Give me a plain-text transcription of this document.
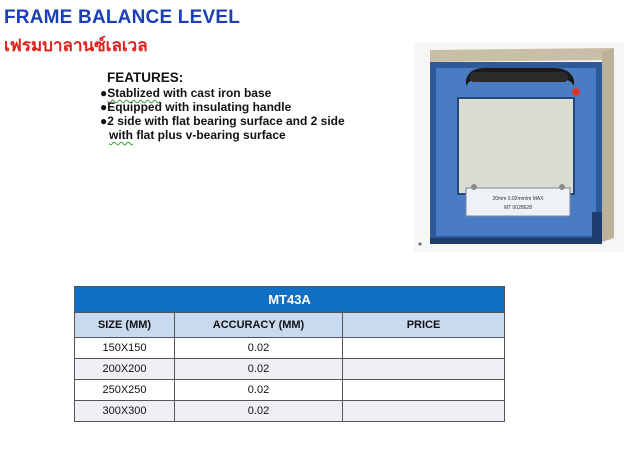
FRAME BALANCE LEVEL
เฟรมบาลานซ์เลเวล
FEATURES:
●Stablized with cast iron base
●Equipped with insulating handle
●2 side with flat bearing surface and 2 side
with flat plus v-bearing surface
20mm 0.02mm/m MAX
MT 0028628
MT43A		
SIZE (MM)	ACCURACY (MM)	PRICE
150X150	0.02	
200X200	0.02	
250X250	0.02	
300X300	0.02	
